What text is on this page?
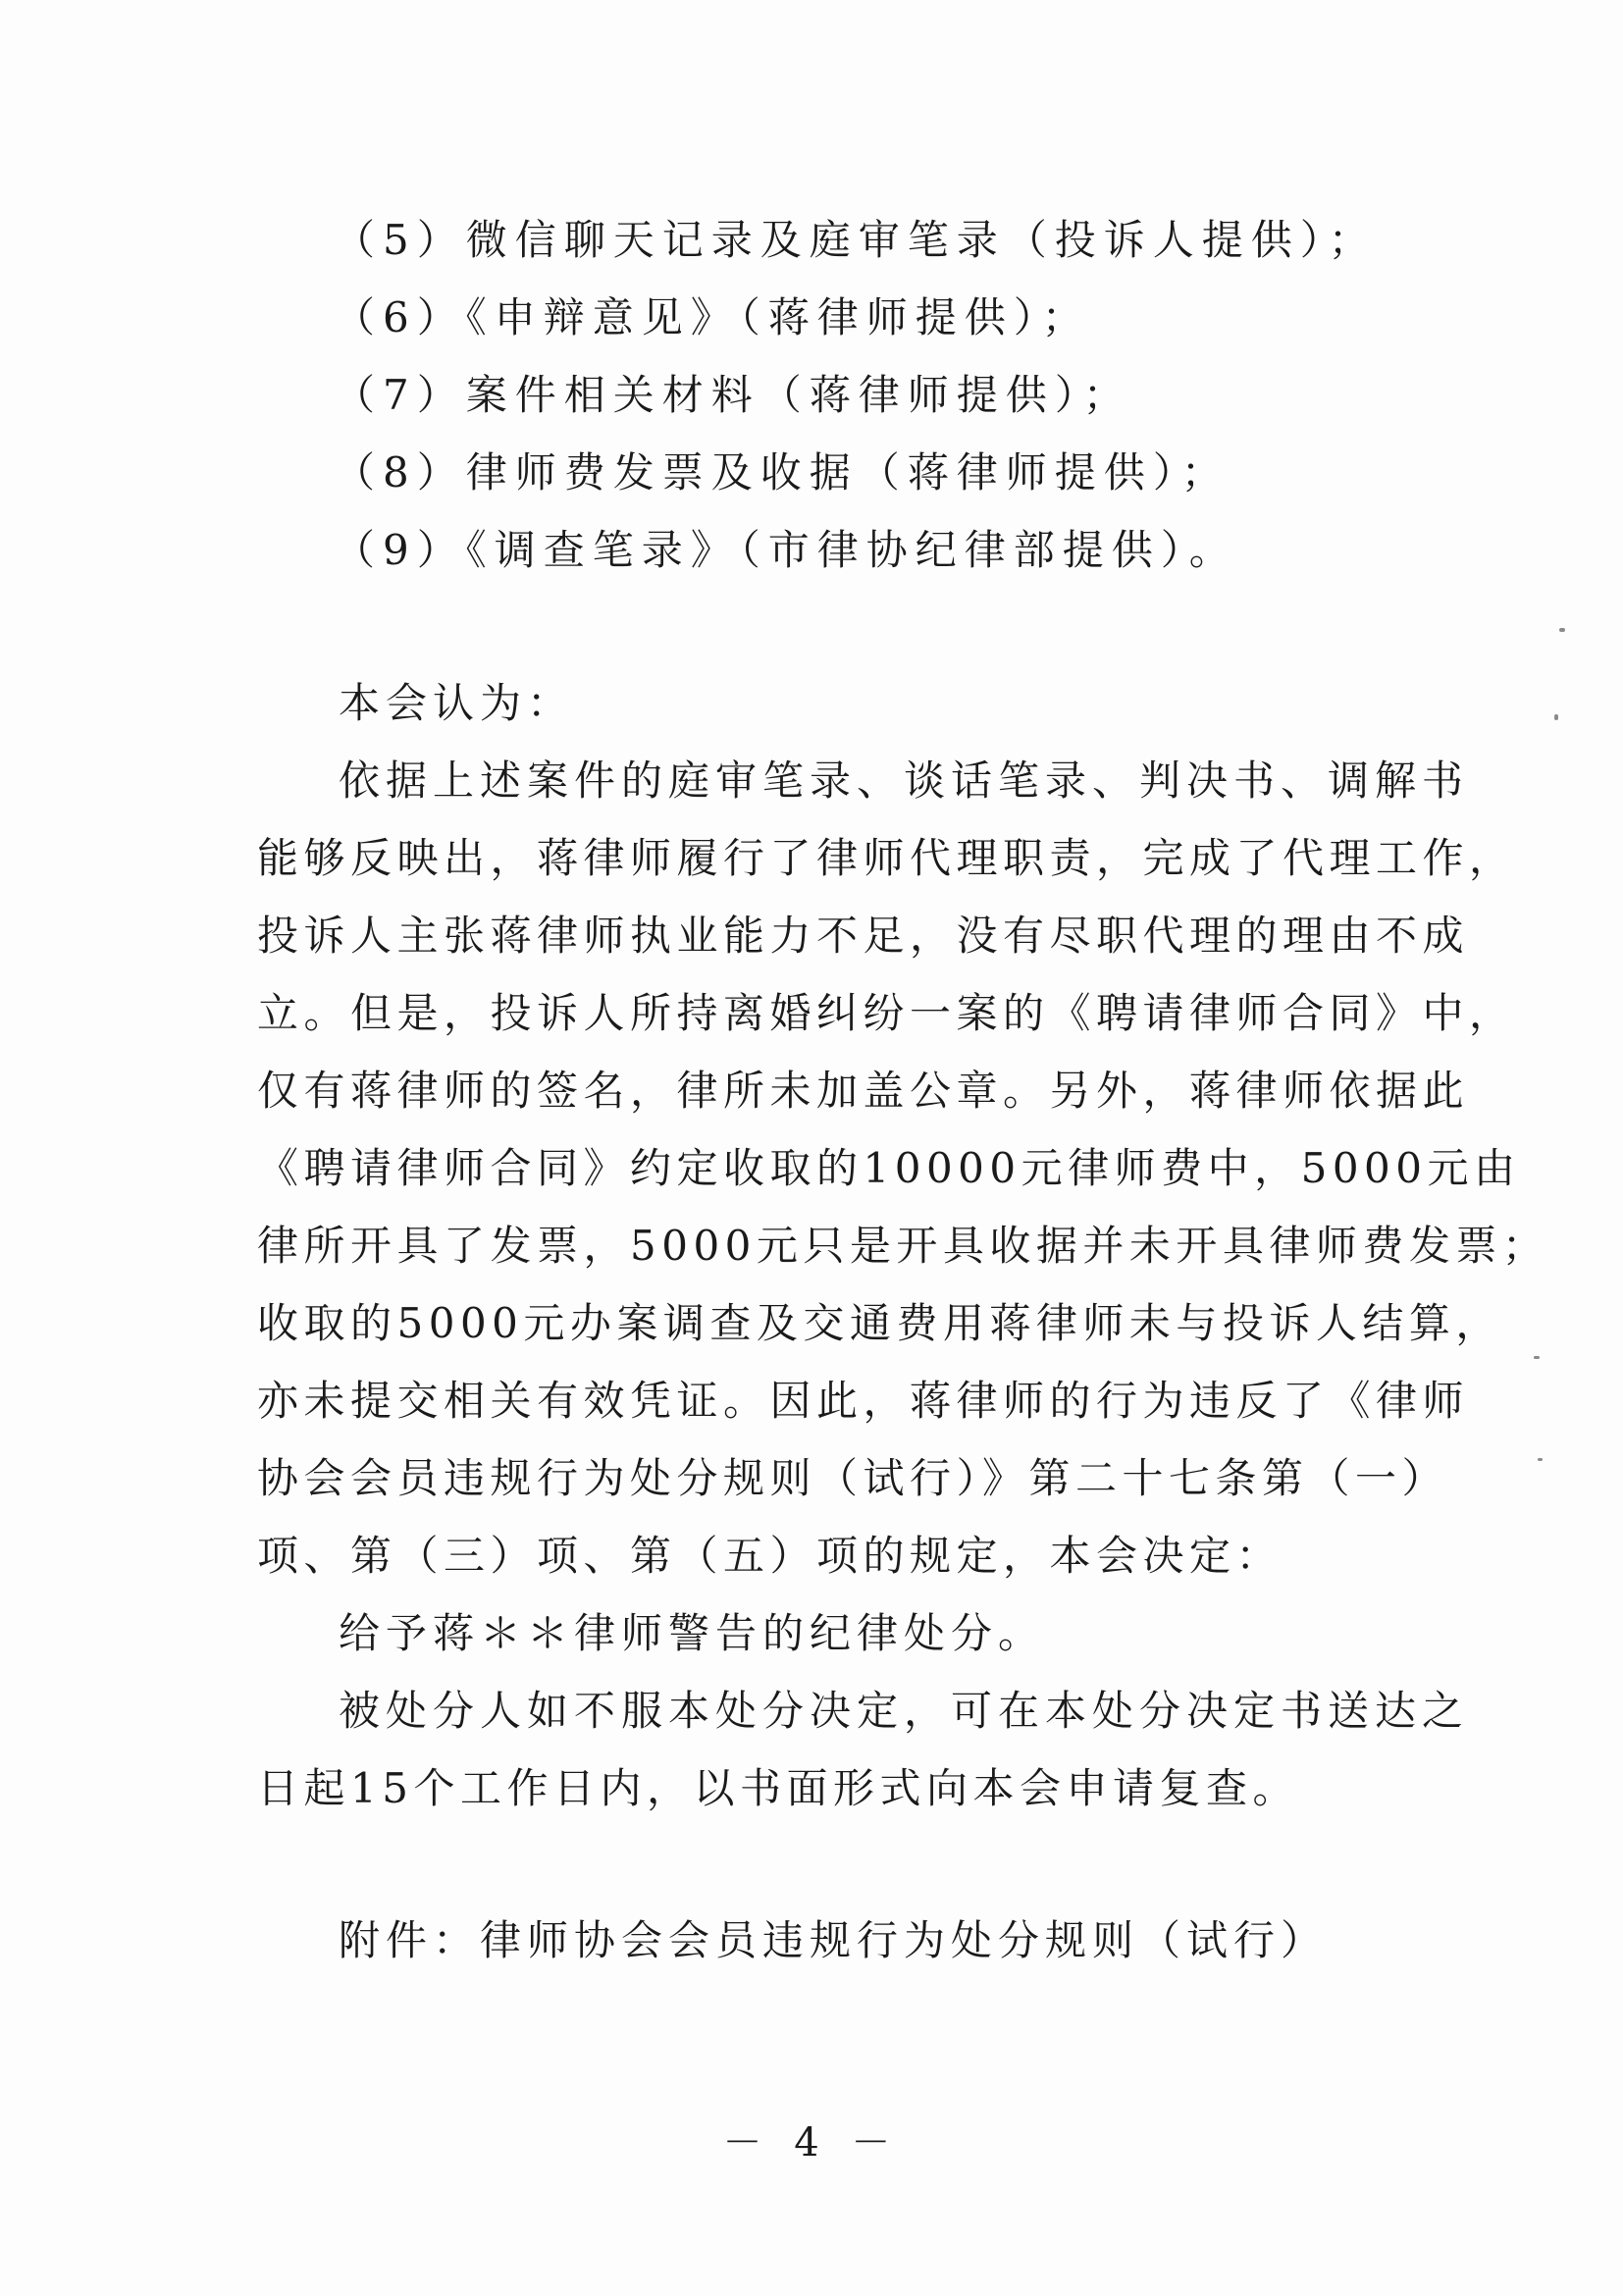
（5）微信聊天记录及庭审笔录（投诉人提供）；
（6）《申辩意见》（蒋律师提供）；
（7）案件相关材料（蒋律师提供）；
（8）律师费发票及收据（蒋律师提供）；
（9）《调查笔录》（市律协纪律部提供）。
本会认为：
依据上述案件的庭审笔录、谈话笔录、判决书、调解书
能够反映出，蒋律师履行了律师代理职责，完成了代理工作，
投诉人主张蒋律师执业能力不足，没有尽职代理的理由不成
立。但是，投诉人所持离婚纠纷一案的《聘请律师合同》中，
仅有蒋律师的签名，律所未加盖公章。另外，蒋律师依据此
《聘请律师合同》约定收取的10000元律师费中，5000元由
律所开具了发票，5000元只是开具收据并未开具律师费发票；
收取的5000元办案调查及交通费用蒋律师未与投诉人结算，
亦未提交相关有效凭证。因此，蒋律师的行为违反了《律师
协会会员违规行为处分规则（试行）》第二十七条第（一）
项、第（三）项、第（五）项的规定，本会决定：
给予蒋＊＊律师警告的纪律处分。
被处分人如不服本处分决定，可在本处分决定书送达之
日起15个工作日内，以书面形式向本会申请复查。
附件：律师协会会员违规行为处分规则（试行）
－ 4 －
